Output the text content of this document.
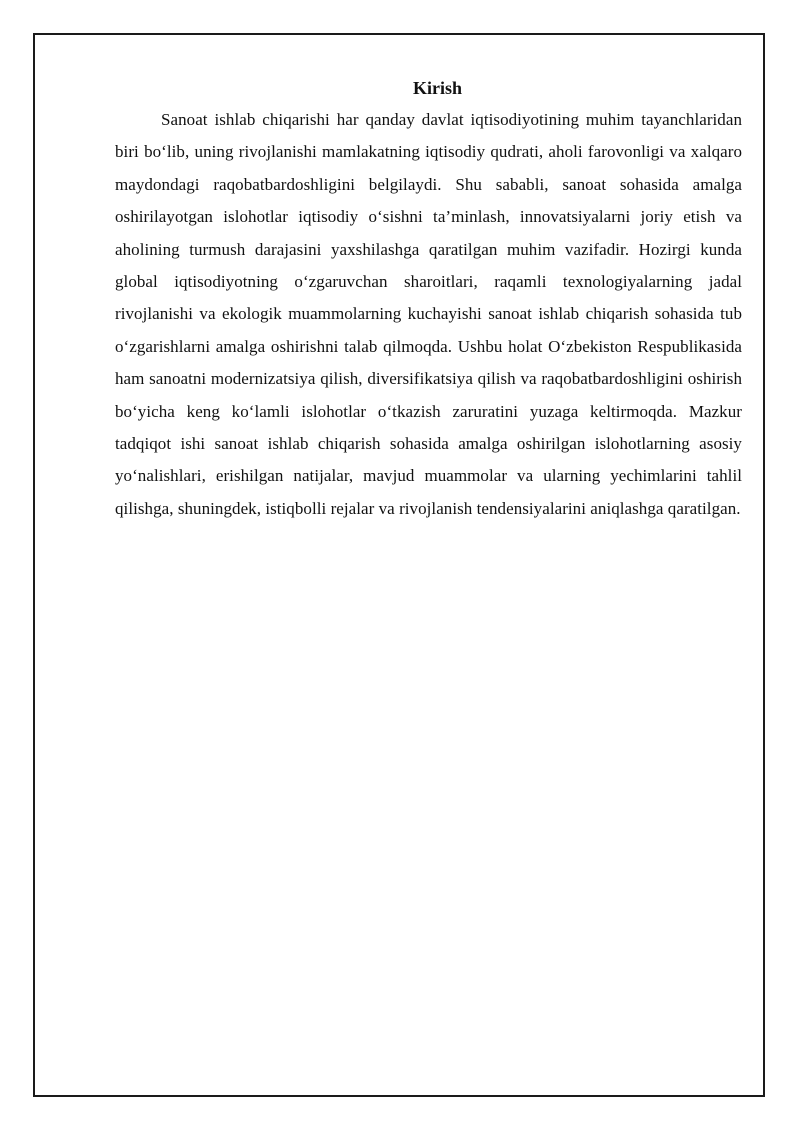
Kirish

Sanoat ishlab chiqarishi har qanday davlat iqtisodiyotining muhim tayanchlaridan biri bo‘lib, uning rivojlanishi mamlakatning iqtisodiy qudrati, aholi farovonligi va xalqaro maydondagi raqobatbardoshligini belgilaydi. Shu sababli, sanoat sohasida amalga oshirilayotgan islohotlar iqtisodiy o‘sishni ta’minlash, innovatsiyalarni joriy etish va aholining turmush darajasini yaxshilashga qaratilgan muhim vazifadir. Hozirgi kunda global iqtisodiyotning o‘zgaruvchan sharoitlari, raqamli texnologiyalarning jadal rivojlanishi va ekologik muammolarning kuchayishi sanoat ishlab chiqarish sohasida tub o‘zgarishlarni amalga oshirishni talab qilmoqda. Ushbu holat O‘zbekiston Respublikasida ham sanoatni modernizatsiya qilish, diversifikatsiya qilish va raqobatbardoshligini oshirish bo‘yicha keng ko‘lamli islohotlar o‘tkazish zaruratini yuzaga keltirmoqda. Mazkur tadqiqot ishi sanoat ishlab chiqarish sohasida amalga oshirilgan islohotlarning asosiy yo‘nalishlari, erishilgan natijalar, mavjud muammolar va ularning yechimlarini tahlil qilishga, shuningdek, istiqbolli rejalar va rivojlanish tendensiyalarini aniqlashga qaratilgan.
